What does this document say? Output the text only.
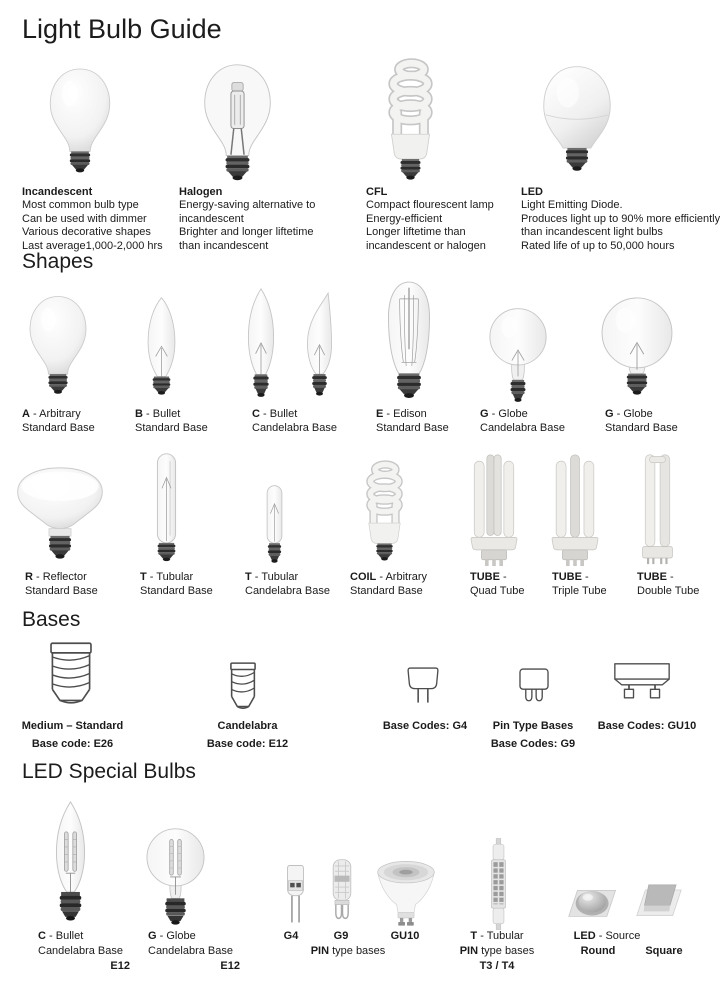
Light Bulb Guide
Incandescent
Most common bulb type
Can be used with dimmer
Various decorative shapes
Last average1,000-2,000 hrs
Halogen
Energy-saving alternative to
incandescent
Brighter and longer liftetime
than incandescent
CFL
Compact flourescent lamp
Energy-efficient
Longer liftetime than
incandescent or halogen
LED
Light Emitting Diode.
Produces light up to 90% more efficiently
than incandescent light bulbs
Rated life of up to 50,000 hours
Shapes
A - Arbitrary
Standard Base
B - Bullet
Standard Base
C - Bullet
Candelabra Base
E - Edison
Standard Base
G - Globe
Candelabra Base
G - Globe
Standard Base
R - Reflector
Standard Base
T - Tubular
Standard Base
T - Tubular
Candelabra Base
COIL - Arbitrary
Standard Base
TUBE -
Quad Tube
TUBE -
Triple Tube
TUBE -
Double Tube
Bases
Medium – Standard
Base code: E26
Candelabra
Base code: E12
Base Codes: G4	Pin Type Bases
Base Codes: G9
Base Codes: GU10
LED Special Bulbs
C - Bullet
Candelabra Base
E12
G - Globe
Candelabra Base
E12
G4	G9
PIN type bases
GU10	T - Tubular
PIN type bases
T3 / T4
LED - Source
Round	Square
